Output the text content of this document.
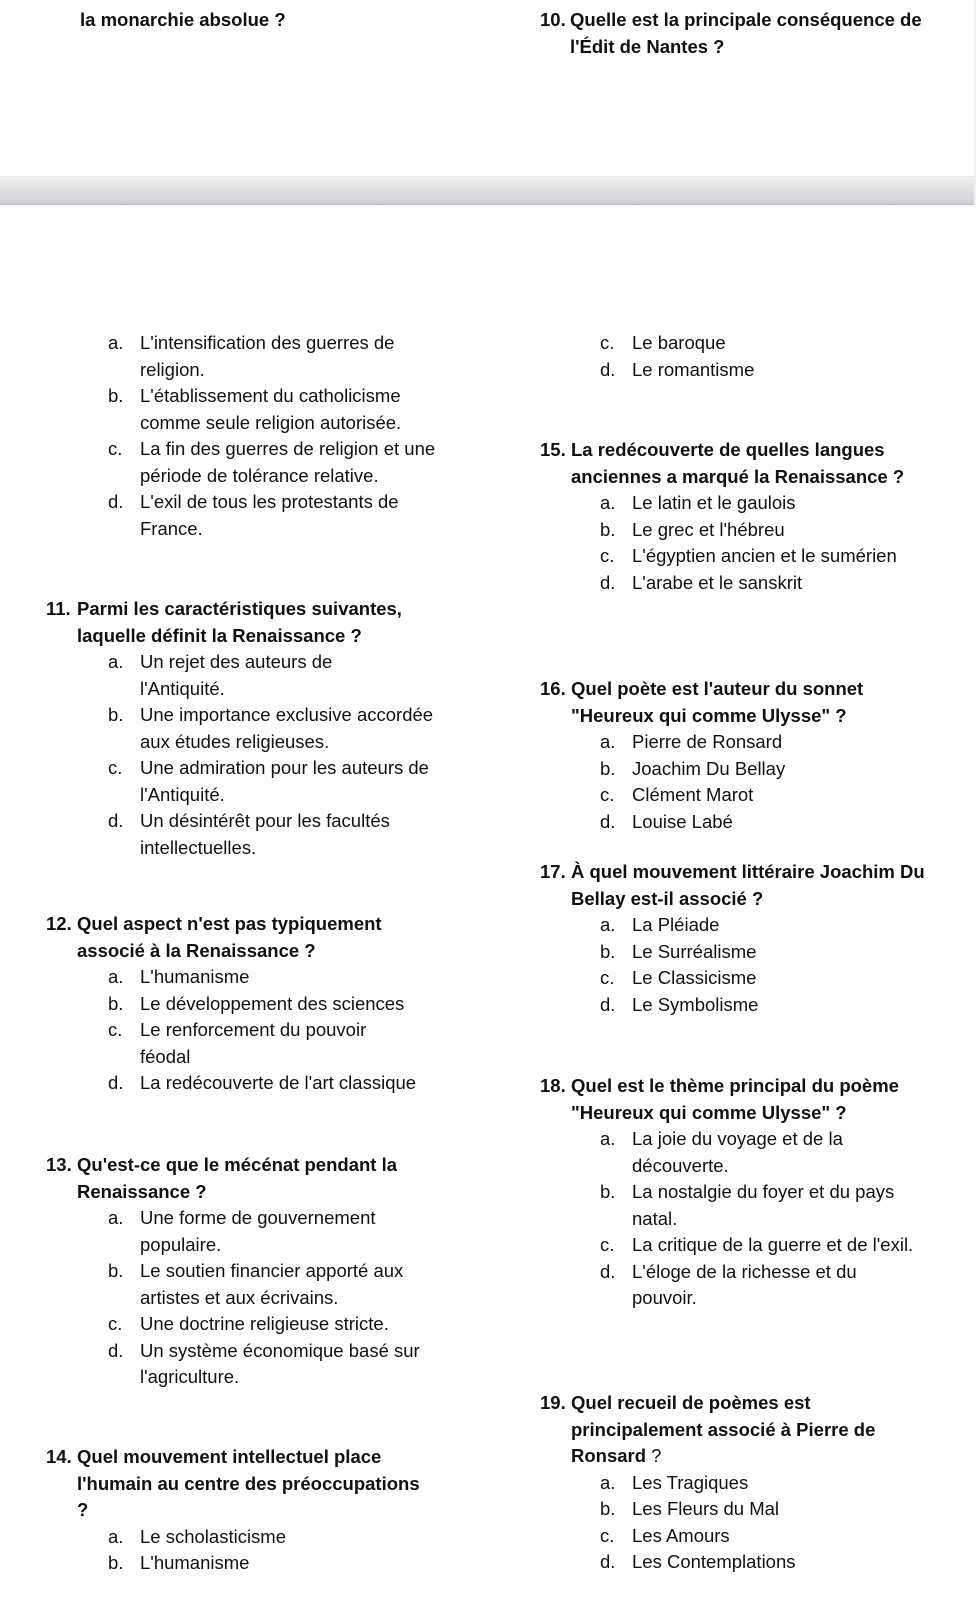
la monarchie absolue ?	10. Quelle est la principale conséquence de l'Édit de Nantes ?
a. L'intensification des guerres de religion.
b. L'établissement du catholicisme comme seule religion autorisée.
c. La fin des guerres de religion et une période de tolérance relative.
d. L'exil de tous les protestants de France.
11. Parmi les caractéristiques suivantes, laquelle définit la Renaissance ?
a. Un rejet des auteurs de l'Antiquité.
b. Une importance exclusive accordée aux études religieuses.
c. Une admiration pour les auteurs de l'Antiquité.
d. Un désintérêt pour les facultés intellectuelles.
12. Quel aspect n'est pas typiquement associé à la Renaissance ?
a. L'humanisme
b. Le développement des sciences
c. Le renforcement du pouvoir féodal
d. La redécouverte de l'art classique
13. Qu'est-ce que le mécénat pendant la Renaissance ?
a. Une forme de gouvernement populaire.
b. Le soutien financier apporté aux artistes et aux écrivains.
c. Une doctrine religieuse stricte.
d. Un système économique basé sur l'agriculture.
14. Quel mouvement intellectuel place l'humain au centre des préoccupations ?
a. Le scholasticisme
b. L'humanisme
c. Le baroque
d. Le romantisme
15. La redécouverte de quelles langues anciennes a marqué la Renaissance ?
a. Le latin et le gaulois
b. Le grec et l'hébreu
c. L'égyptien ancien et le sumérien
d. L'arabe et le sanskrit
16. Quel poète est l'auteur du sonnet "Heureux qui comme Ulysse" ?
a. Pierre de Ronsard
b. Joachim Du Bellay
c. Clément Marot
d. Louise Labé
17. À quel mouvement littéraire Joachim Du Bellay est-il associé ?
a. La Pléiade
b. Le Surréalisme
c. Le Classicisme
d. Le Symbolisme
18. Quel est le thème principal du poème "Heureux qui comme Ulysse" ?
a. La joie du voyage et de la découverte.
b. La nostalgie du foyer et du pays natal.
c. La critique de la guerre et de l'exil.
d. L'éloge de la richesse et du pouvoir.
19. Quel recueil de poèmes est principalement associé à Pierre de Ronsard ?
a. Les Tragiques
b. Les Fleurs du Mal
c. Les Amours
d. Les Contemplations
